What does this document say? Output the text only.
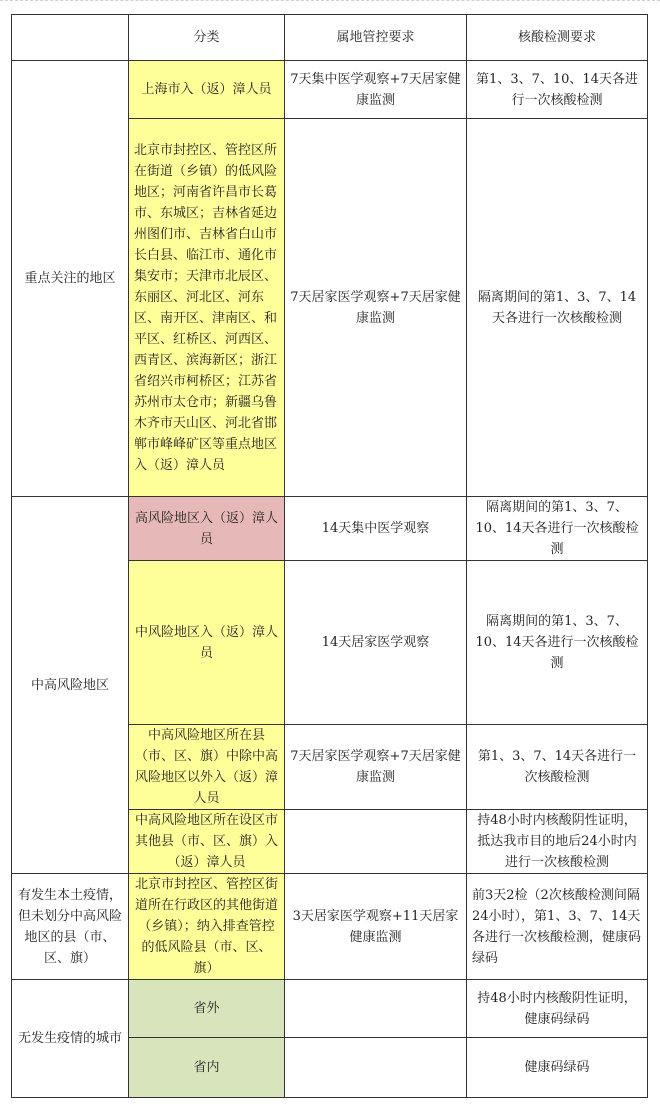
	分类	属地管控要求	核酸检测要求
重点关注的地区	上海市入（返）漳人员	7天集中医学观察+7天居家健康监测	第1、3、7、10、14天各进行一次核酸检测
	北京市封控区、管控区所在街道（乡镇）的低风险地区；河南省许昌市长葛市、东城区；吉林省延边州图们市、吉林省白山市长白县、临江市、通化市集安市；天津市北辰区、东丽区、河北区、河东区、南开区、津南区、和平区、红桥区、河西区、西青区、滨海新区；浙江省绍兴市柯桥区；江苏省苏州市太仓市；新疆乌鲁木齐市天山区、河北省邯郸市峰峰矿区等重点地区入（返）漳人员	7天居家医学观察+7天居家健康监测	隔离期间的第1、3、7、14天各进行一次核酸检测
中高风险地区	高风险地区入（返）漳人员	14天集中医学观察	隔离期间的第1、3、7、10、14天各进行一次核酸检测
	中风险地区入（返）漳人员	14天居家医学观察	隔离期间的第1、3、7、10、14天各进行一次核酸检测
	中高风险地区所在县（市、区、旗）中除中高风险地区以外入（返）漳人员	7天居家医学观察+7天居家健康监测	第1、3、7、14天各进行一次核酸检测
	中高风险地区所在设区市其他县（市、区、旗）入（返）漳人员		持48小时内核酸阴性证明，抵达我市目的地后24小时内进行一次核酸检测
有发生本土疫情，但未划分中高风险地区的县（市、区、旗）	北京市封控区、管控区街道所在行政区的其他街道（乡镇）；纳入排查管控的低风险县（市、区、旗）	3天居家医学观察+11天居家健康监测	前3天2检（2次核酸检测间隔24小时），第1、3、7、14天各进行一次核酸检测，健康码绿码
无发生疫情的城市	省外		持48小时内核酸阴性证明，健康码绿码
	省内		健康码绿码
